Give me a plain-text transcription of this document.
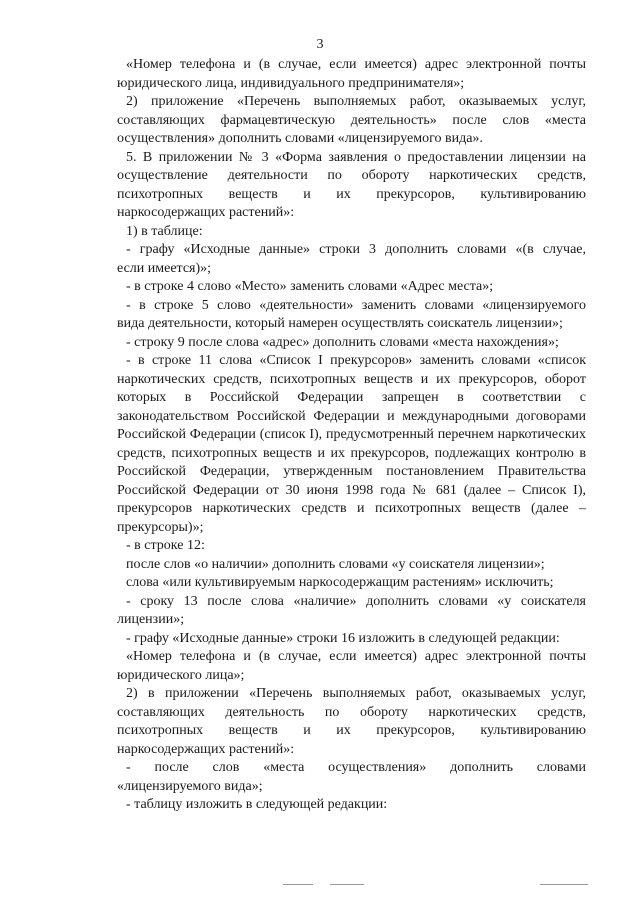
3
«Номер телефона и (в случае, если имеется) адрес электронной почты
юридического лица, индивидуального предпринимателя»;
2) приложение «Перечень выполняемых работ, оказываемых услуг,
составляющих фармацевтическую деятельность» после слов «места
осуществления» дополнить словами «лицензируемого вида».
5. В приложении № 3 «Форма заявления о предоставлении лицензии на
осуществление деятельности по обороту наркотических средств,
психотропных веществ и их прекурсоров, культивированию
наркосодержащих растений»:
1) в таблице:
- графу «Исходные данные» строки 3 дополнить словами «(в случае,
если имеется)»;
- в строке 4 слово «Место» заменить словами «Адрес места»;
- в строке 5 слово «деятельности» заменить словами «лицензируемого
вида деятельности, который намерен осуществлять соискатель лицензии»;
- строку 9 после слова «адрес» дополнить словами «места нахождения»;
- в строке 11 слова «Список I прекурсоров» заменить словами «список
наркотических средств, психотропных веществ и их прекурсоров, оборот
которых в Российской Федерации запрещен в соответствии с
законодательством Российской Федерации и международными договорами
Российской Федерации (список I), предусмотренный перечнем наркотических
средств, психотропных веществ и их прекурсоров, подлежащих контролю в
Российской Федерации, утвержденным постановлением Правительства
Российской Федерации от 30 июня 1998 года № 681 (далее – Список I),
прекурсоров наркотических средств и психотропных веществ (далее –
прекурсоры)»;
- в строке 12:
после слов «о наличии» дополнить словами «у соискателя лицензии»;
слова «или культивируемым наркосодержащим растениям» исключить;
- сроку 13 после слова «наличие» дополнить словами «у соискателя
лицензии»;
- графу «Исходные данные» строки 16 изложить в следующей редакции:
«Номер телефона и (в случае, если имеется) адрес электронной почты
юридического лица»;
2) в приложении «Перечень выполняемых работ, оказываемых услуг,
составляющих деятельность по обороту наркотических средств,
психотропных веществ и их прекурсоров, культивированию
наркосодержащих растений»:
- после слов «места осуществления» дополнить словами
«лицензируемого вида»;
- таблицу изложить в следующей редакции:
